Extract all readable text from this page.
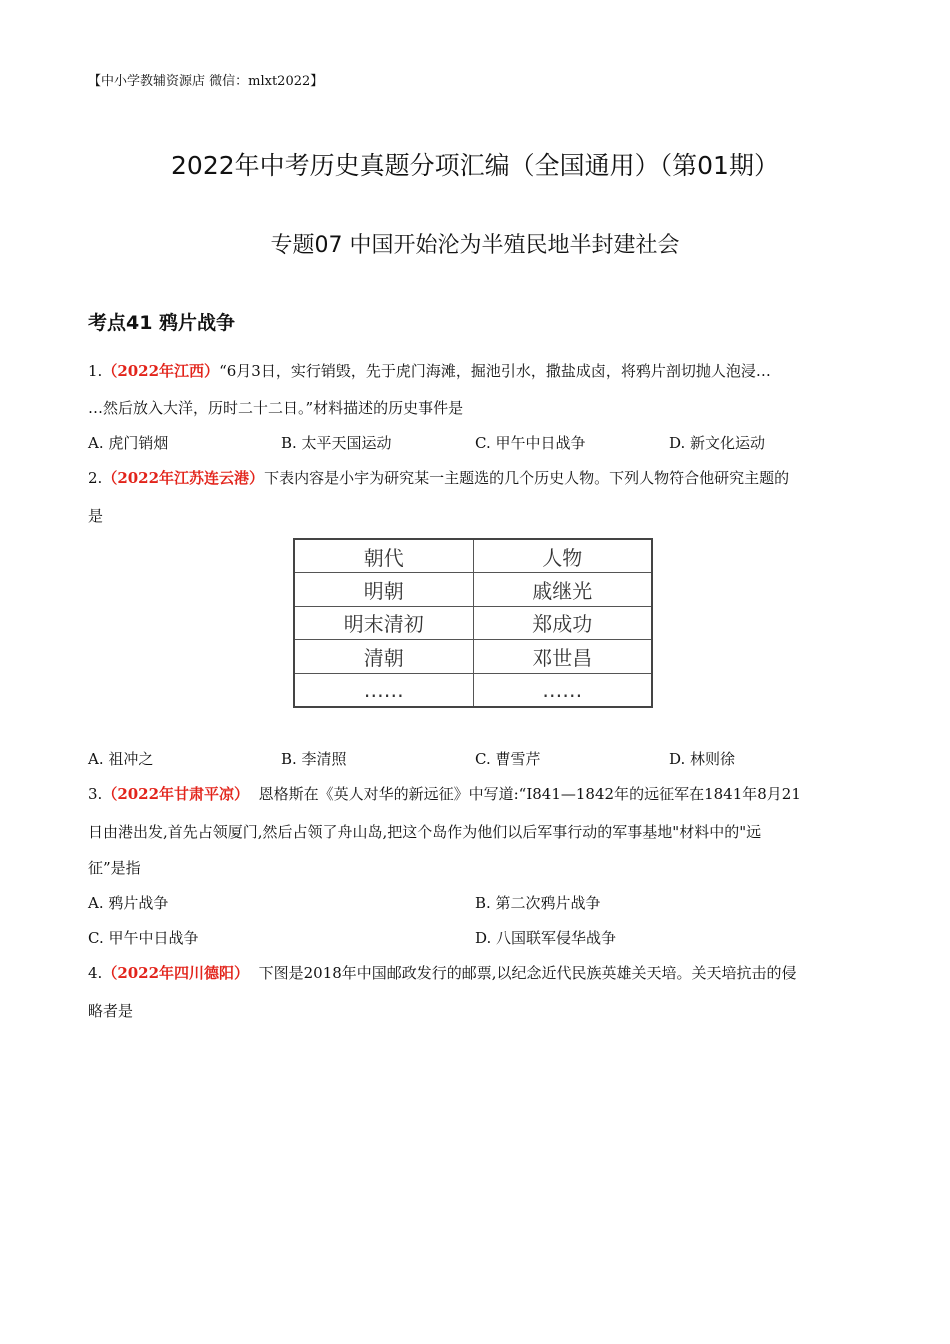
【中小学教辅资源店 微信：mlxt2022】
2022年中考历史真题分项汇编（全国通用）（第01期）
专题07 中国开始沦为半殖民地半封建社会
考点41 鸦片战争
1.（2022年江西）“6月3日，实行销毁，先于虎门海滩，掘池引水，撒盐成卤，将鸦片剖切抛人泡浸…
…然后放入大洋，历时二十二日。”材料描述的历史事件是
A. 虎门销烟	B. 太平天国运动	C. 甲午中日战争	D. 新文化运动
2.（2022年江苏连云港）下表内容是小宇为研究某一主题选的几个历史人物。下列人物符合他研究主题的
是
朝代	人物
明朝	戚继光
明末清初	郑成功
清朝	邓世昌
……	……
A. 祖冲之	B. 李清照	C. 曹雪芹	D. 林则徐
3.（2022年甘肃平凉） 恩格斯在《英人对华的新远征》中写道:“I841—1842年的远征军在1841年8月21
日由港出发,首先占领厦门,然后占领了舟山岛,把这个岛作为他们以后军事行动的军事基地"材料中的"远
征”是指
A. 鸦片战争	B. 第二次鸦片战争
C. 甲午中日战争	D. 八国联军侵华战争
4.（2022年四川德阳） 下图是2018年中国邮政发行的邮票,以纪念近代民族英雄关天培。关天培抗击的侵
略者是
